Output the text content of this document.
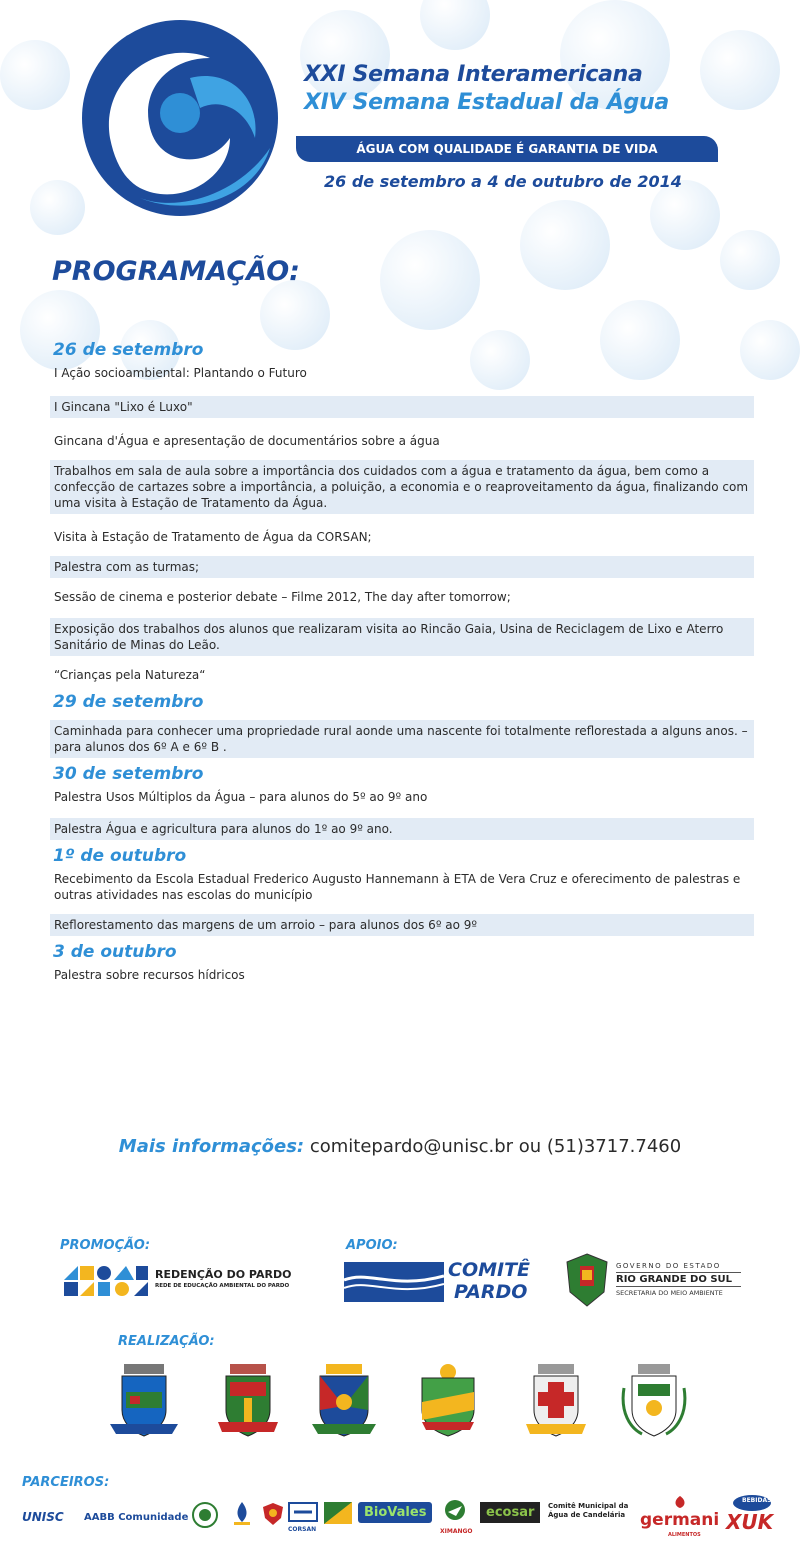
XXI Semana Interamericana
XIV Semana Estadual da Água
ÁGUA COM QUALIDADE É GARANTIA DE VIDA
26 de setembro a 4 de outubro de 2014
PROGRAMAÇÃO:
26 de setembro
I Ação socioambiental: Plantando o Futuro
I Gincana "Lixo é Luxo"
Gincana d'Água e apresentação de documentários sobre a água
Trabalhos em sala de aula sobre a importância dos cuidados com a água e tratamento da água, bem como a confecção de cartazes sobre a importância, a poluição, a economia e o reaproveitamento da água, finalizando com uma visita à Estação de Tratamento da Água.
Visita à Estação de Tratamento de Água da CORSAN;
Palestra com as turmas;
Sessão de cinema e posterior debate – Filme 2012, The day after tomorrow;
Exposição dos trabalhos dos alunos que realizaram visita ao Rincão Gaia, Usina de Reciclagem de Lixo e Aterro Sanitário de Minas do Leão.
“Crianças pela Natureza“
29 de setembro
Caminhada para conhecer uma propriedade rural aonde uma nascente foi totalmente reflorestada a alguns anos. – para alunos dos 6º A e 6º B .
30 de setembro
Palestra Usos Múltiplos da Água – para alunos do 5º ao 9º ano
Palestra Água e agricultura para alunos do 1º ao 9º ano.
1º de outubro
Recebimento da Escola Estadual Frederico Augusto Hannemann à ETA de Vera Cruz e oferecimento de palestras e outras atividades nas escolas do município
Reflorestamento das margens de um arroio – para alunos dos 6º ao 9º
3 de outubro
Palestra sobre recursos hídricos
Mais informações: comitepardo@unisc.br ou (51)3717.7460
PROMOÇÃO:	APOIO:
REALIZAÇÃO:
PARCEIROS:
REDENÇÃO DO PARDO
REDE DE EDUCAÇÃO AMBIENTAL DO PARDO
COMITÊ
PARDO
GOVERNO DO ESTADO
RIO GRANDE DO SUL
SECRETARIA DO MEIO AMBIENTE
UNISC AABB Comunidade
CORSAN
BioVales
XIMANGO
ecosar	Comitê Municipal da Água de Candelária germani
ALIMENTOS
BEBIDAS
XUK
